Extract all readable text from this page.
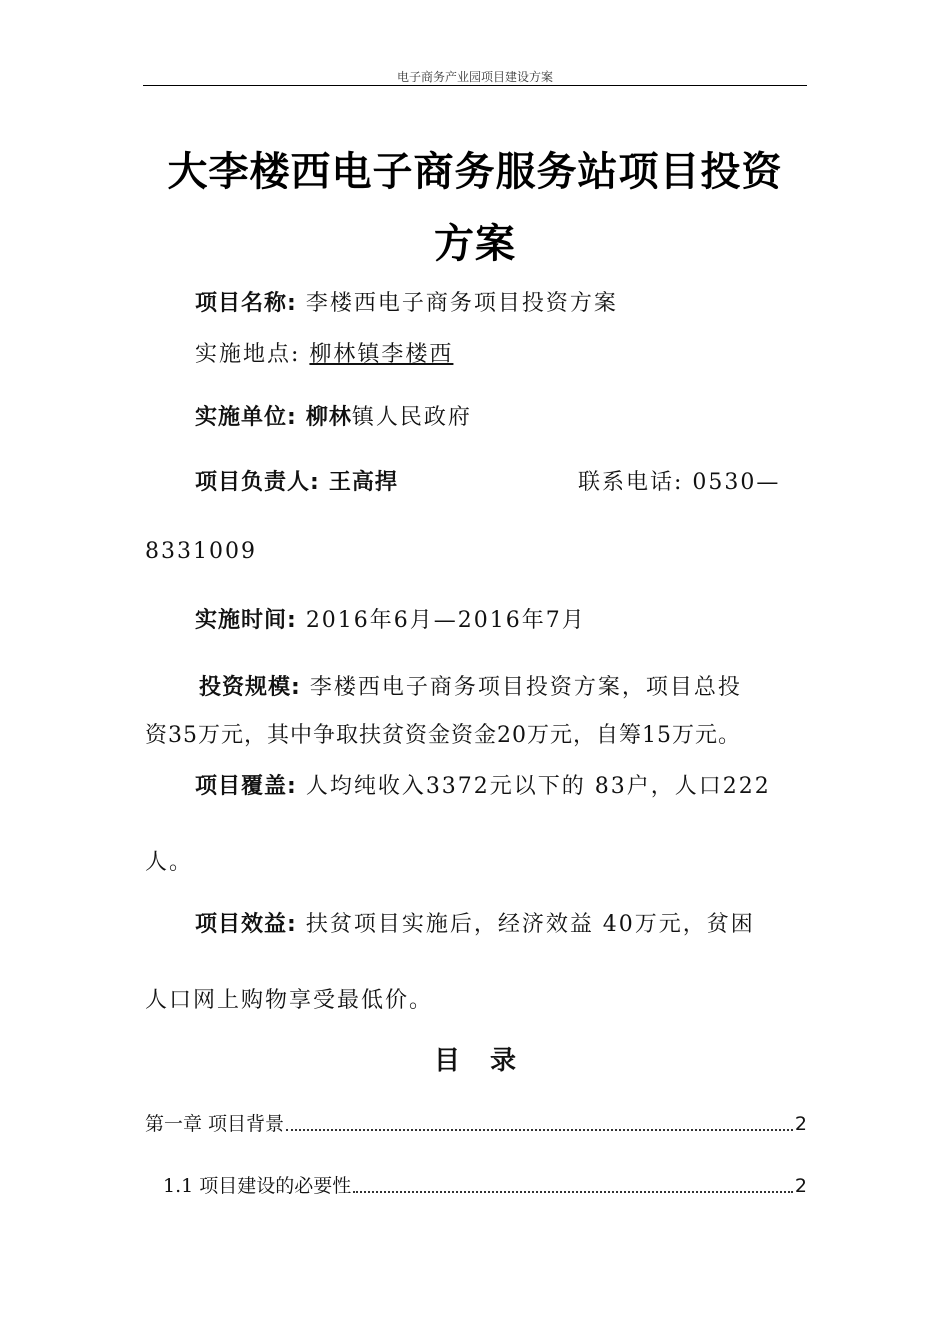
电子商务产业园项目建设方案
大李楼西电子商务服务站项目投资
方案
项目名称: 李楼西电子商务项目投资方案
实施地点: 柳林镇李楼西
实施单位: 柳林镇人民政府
项目负责人: 王高捍	联系电话: 0530—
8331009
实施时间: 2016年6月—2016年7月
投资规模: 李楼西电子商务项目投资方案，项目总投
资35万元，其中争取扶贫资金资金20万元，自筹15万元。
项目覆盖: 人均纯收入3372元以下的 83户，人口222
人。
项目效益: 扶贫项目实施后，经济效益 40万元，贫困
人口网上购物享受最低价。
目录
第一章 项目背景	2
1.1 项目建设的必要性	2
